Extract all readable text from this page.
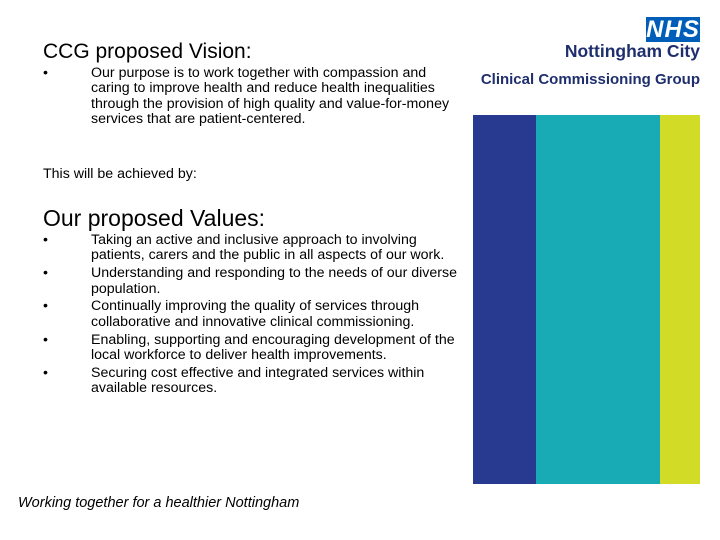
CCG proposed Vision:
•	Our purpose is to work together with compassion and caring to improve health and reduce health inequalities through the provision of high quality and value-for-money services that are patient-centered.
This will be achieved by:
Our proposed Values:
•	Taking an active and inclusive approach to involving patients, carers and the public in all aspects of our work.
•	Understanding and responding to the needs of our diverse population.
•	Continually improving the quality of services through collaborative and innovative clinical commissioning.
•	Enabling, supporting and encouraging development of the local workforce to deliver health improvements.
•	Securing cost effective and integrated services within available resources.
Working together for a healthier Nottingham
NHS
Nottingham City
Clinical Commissioning Group
